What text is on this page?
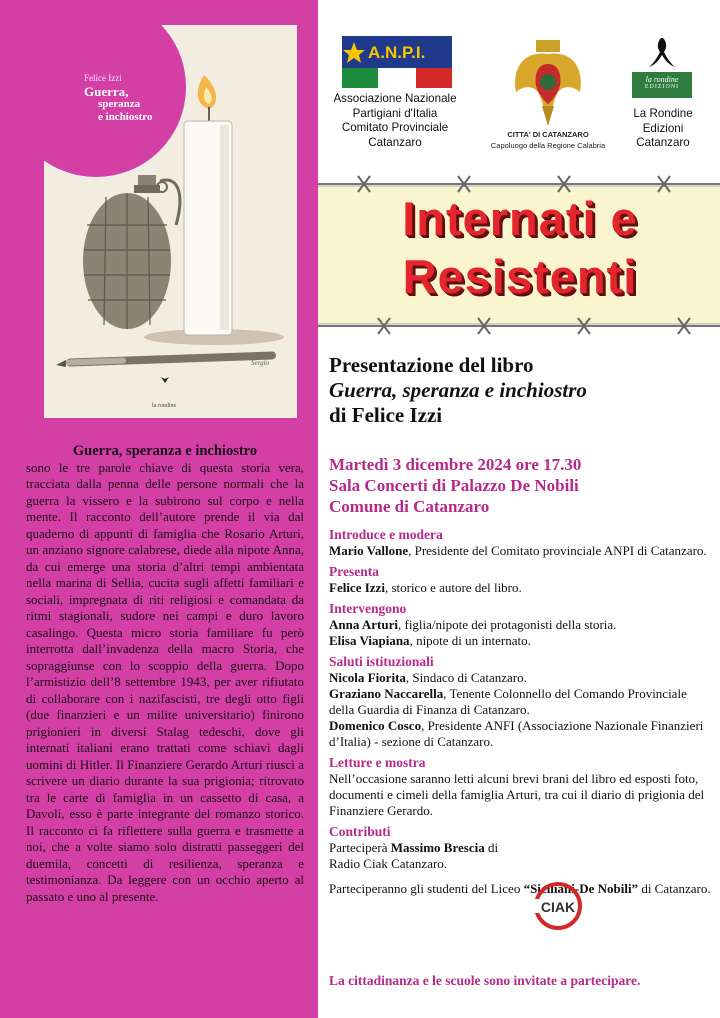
Felice Izzi
Guerra,
speranza
e inchiostro
Sergio
la rondine
Guerra, speranza e inchiostro

sono le tre parole chiave di questa storia vera, tracciata dalla penna delle persone normali che la guerra la vissero e la subirono sul corpo e nella mente. Il racconto dell’autore prende il via dal quaderno di appunti di famiglia che Rosario Arturi, un anziano signore calabrese, diede alla nipote Anna, da cui emerge una storia d’altri tempi ambientata nella marina di Sellia, cucita sugli affetti familiari e sociali, impregnata di riti religiosi e comandata da ritmi stagionali, sudore nei campi e duro lavoro casalingo. Questa micro storia familiare fu però interrotta dall’invadenza della macro Storia, che sopraggiunse con lo scoppio della guerra. Dopo l’armistizio dell’8 settembre 1943, per aver rifiutato di collaborare con i nazifascisti, tre degli otto figli (due finanzieri e un milite universitario) finirono prigionieri in diversi Stalag tedeschi, dove gli internati italiani erano trattati come schiavi dagli uomini di Hitler. Il Finanziere Gerardo Arturi riuscì a scrivere un diario durante la sua prigionia; ritrovato tra le carte di famiglia in un cassetto di casa, a Davoli, esso è parte integrante del romanzo storico. Il racconto ci fa riflettere sulla guerra e trasmette a noi, che a volte siamo solo distratti passeggeri del duemila, concetti di resilienza, speranza e testimonianza. Da leggere con un occhio aperto al passato e uno al presente.

A.N.P.I.
Associazione Nazionale
Partigiani d'Italia
Comitato Provinciale
Catanzaro
CITTA' DI CATANZARO
Capoluogo della Regione Calabria
la rondine
EDIZIONI
La Rondine
Edizioni
Catanzaro
Internati e
Resistenti
Presentazione del libro
Guerra, speranza e inchiostro
di Felice Izzi
Martedì 3 dicembre 2024 ore 17.30
Sala Concerti di Palazzo De Nobili
Comune di Catanzaro
Introduce e modera

Mario Vallone, Presidente del Comitato provinciale ANPI di Catanzaro.

Presenta

Felice Izzi, storico e autore del libro.

Intervengono

Anna Arturi, figlia/nipote dei protagonisti della storia.

Elisa Viapiana, nipote di un internato.

Saluti istituzionali

Nicola Fiorita, Sindaco di Catanzaro.

Graziano Naccarella, Tenente Colonnello del Comando Provinciale della Guardia di Finanza di Catanzaro.

Domenico Cosco, Presidente ANFI (Associazione Nazionale Finanzieri d’Italia) - sezione di Catanzaro.

Letture e mostra

Nell’occasione saranno letti alcuni brevi brani del libro ed esposti foto, documenti e cimeli della famiglia Arturi, tra cui il diario di prigionia del Finanziere Gerardo.

Contributi

Parteciperà Massimo Brescia di

Radio Ciak Catanzaro.

Parteciperanno gli studenti del Liceo “Siciliani-De Nobili” di Catanzaro.

CIAK
La cittadinanza e le scuole sono invitate a partecipare.
